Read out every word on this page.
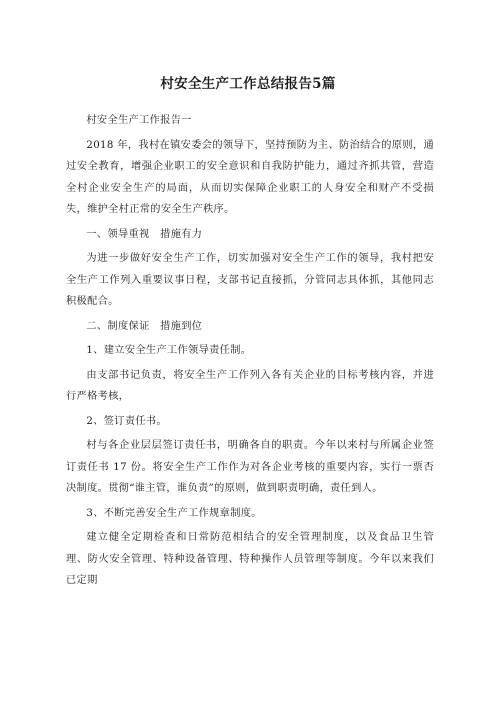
村安全生产工作总结报告5篇

村安全生产工作报告一

2018 年，我村在镇安委会的领导下，坚持预防为主、防治结合的原则，通过安全教育，增强企业职工的安全意识和自我防护能力，通过齐抓共管，营造全村企业安全生产的局面，从而切实保障企业职工的人身安全和财产不受损失，维护全村正常的安全生产秩序。

一、领导重视　措施有力

为进一步做好安全生产工作，切实加强对安全生产工作的领导，我村把安全生产工作列入重要议事日程，支部书记直接抓，分管同志具体抓，其他同志积极配合。

二、制度保证　措施到位

1、建立安全生产工作领导责任制。

由支部书记负责，将安全生产工作列入各有关企业的目标考核内容，并进行严格考核，

2、签订责任书。

村与各企业层层签订责任书，明确各自的职责。今年以来村与所属企业签订责任书 17 份。将安全生产工作作为对各企业考核的重要内容，实行一票否决制度。贯彻“谁主管，谁负责”的原则，做到职责明确，责任到人。

3、不断完善安全生产工作规章制度。

建立健全定期检查和日常防范相结合的安全管理制度，以及食品卫生管理、防火安全管理、特种设备管理、特种操作人员管理等制度。今年以来我们已定期
